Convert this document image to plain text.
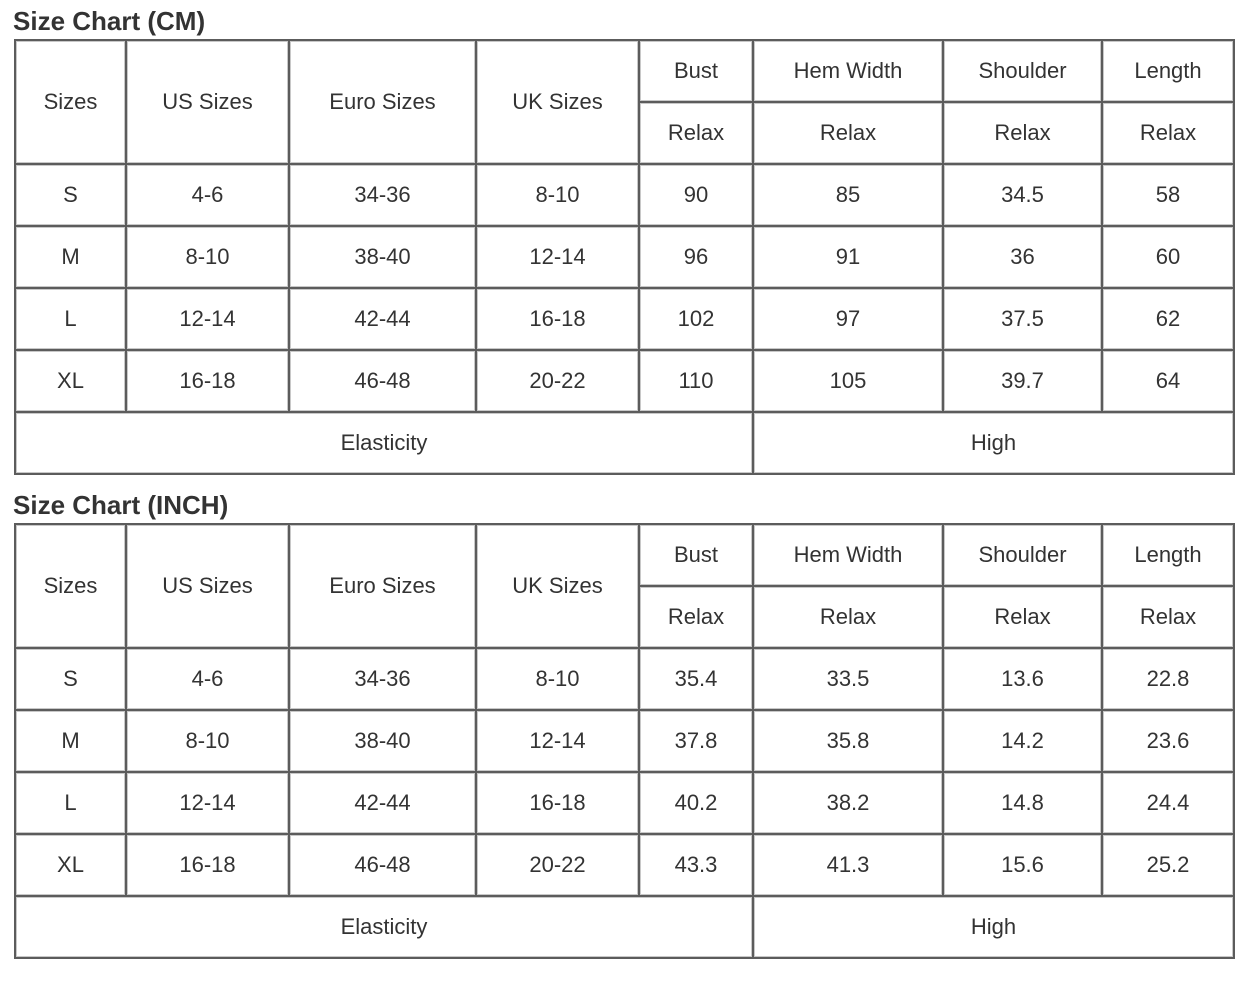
Size Chart (CM)
Sizes	US Sizes	Euro Sizes	UK Sizes	Bust	Hem Width	Shoulder	Length
				Relax	Relax	Relax	Relax
S	4-6	34-36	8-10	90	85	34.5	58
M	8-10	38-40	12-14	96	91	36	60
L	12-14	42-44	16-18	102	97	37.5	62
XL	16-18	46-48	20-22	110	105	39.7	64
Elasticity					High		
Size Chart (INCH)
Sizes	US Sizes	Euro Sizes	UK Sizes	Bust	Hem Width	Shoulder	Length
				Relax	Relax	Relax	Relax
S	4-6	34-36	8-10	35.4	33.5	13.6	22.8
M	8-10	38-40	12-14	37.8	35.8	14.2	23.6
L	12-14	42-44	16-18	40.2	38.2	14.8	24.4
XL	16-18	46-48	20-22	43.3	41.3	15.6	25.2
Elasticity					High		
